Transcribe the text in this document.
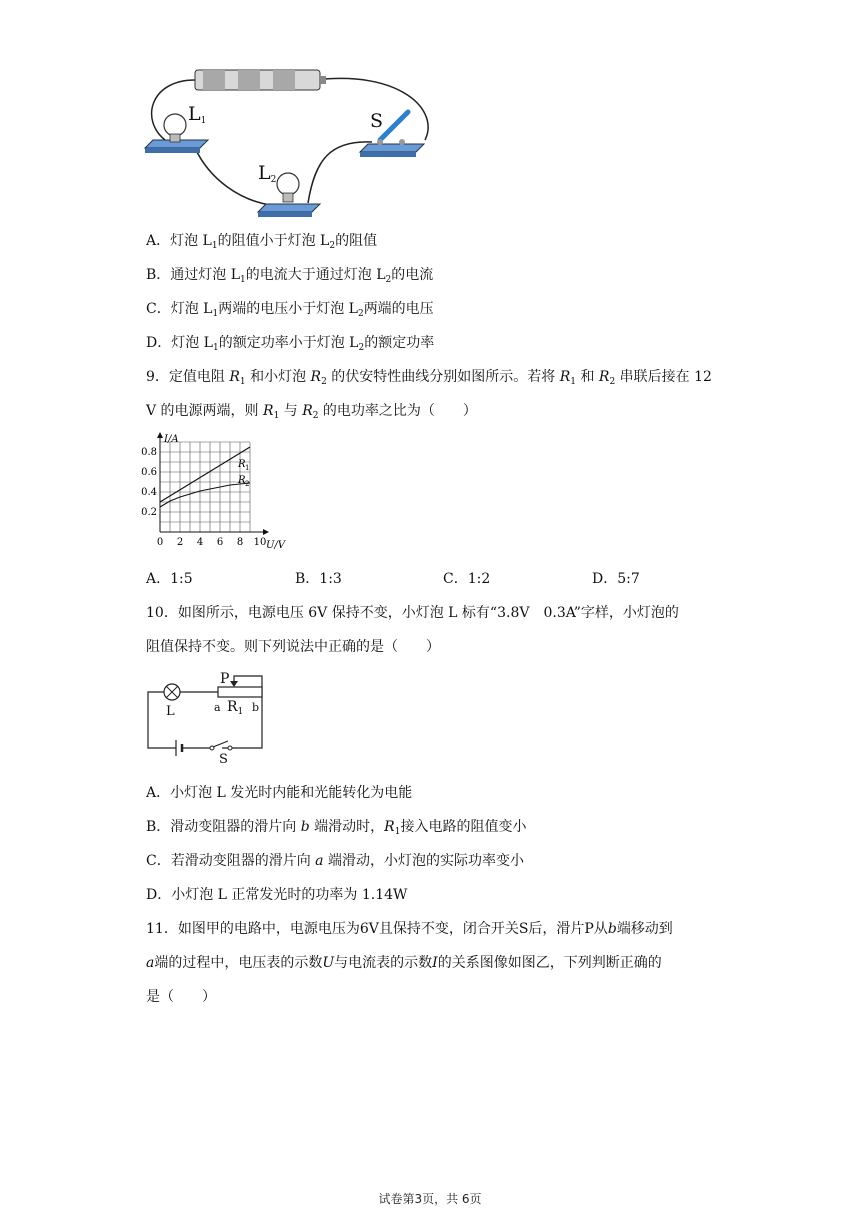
$L_1$
$L_2$
S
A．灯泡 $L_1$的阻值小于灯泡 $L_2$的阻值
B．通过灯泡 $L_1$的电流大于通过灯泡 $L_2$的电流
C．灯泡 $L_1$两端的电压小于灯泡 $L_2$两端的电压
D．灯泡 $L_1$的额定功率小于灯泡 $L_2$的额定功率
9．定值电阻 $R_1$ 和小灯泡 $R_2$ 的伏安特性曲线分别如图所示。若将 $R_1$ 和 $R_2$ 串联后接在 12
V 的电源两端，则 $R_1$ 与 $R_2$ 的电功率之比为（　　）
0 2 4 6 8 10
0.2
0.4
0.6
0.8
I/A
U/V
R 1
R 2
A．1:5	B．1:3	C．1:2	D．5:7
10．如图所示，电源电压 6V 保持不变，小灯泡 L 标有“3.8V　0.3A”字样，小灯泡的
阻值保持不变。则下列说法中正确的是（　　）
P
L	a $R_1$ b
S
A．小灯泡 L 发光时内能和光能转化为电能
B．滑动变阻器的滑片向 b 端滑动时，$R_1$接入电路的阻值变小
C．若滑动变阻器的滑片向 a 端滑动，小灯泡的实际功率变小
D．小灯泡 L 正常发光时的功率为 1.14W
11．如图甲的电路中，电源电压为6V且保持不变，闭合开关S后，滑片P从b端移动到
a端的过程中，电压表的示数U与电流表的示数I的关系图像如图乙，下列判断正确的
是（　　）
试卷第3页，共 6页
